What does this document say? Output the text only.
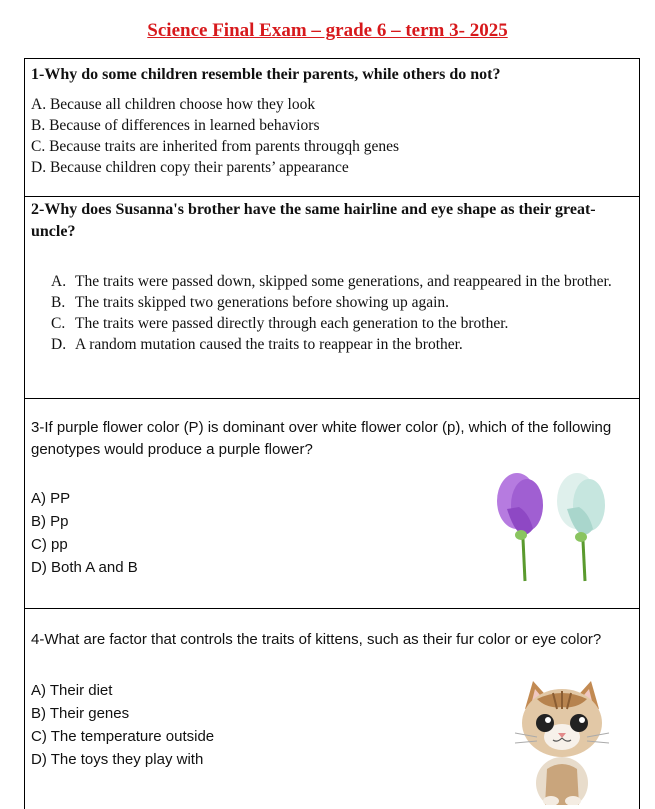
Science Final Exam – grade 6 – term 3- 2025
1-Why do some children resemble their parents, while others do not?
A. Because all children choose how they look
B. Because of differences in learned behaviors
C. Because traits are inherited from parents througqh genes
D. Because children copy their parents’ appearance
2-Why does Susanna's brother have the same hairline and eye shape as their great-uncle?
A. The traits were passed down, skipped some generations, and reappeared in the brother.
B. The traits skipped two generations before showing up again.
C. The traits were passed directly through each generation to the brother.
D. A random mutation caused the traits to reappear in the brother.
3-If purple flower color (P) is dominant over white flower color (p), which of the following genotypes would produce a purple flower?
A) PP
B) Pp
C) pp
D) Both A and B
4-What are factor that controls the traits of kittens, such as their fur color or eye color?
A) Their diet
B) Their genes
C) The temperature outside
D) The toys they play with
